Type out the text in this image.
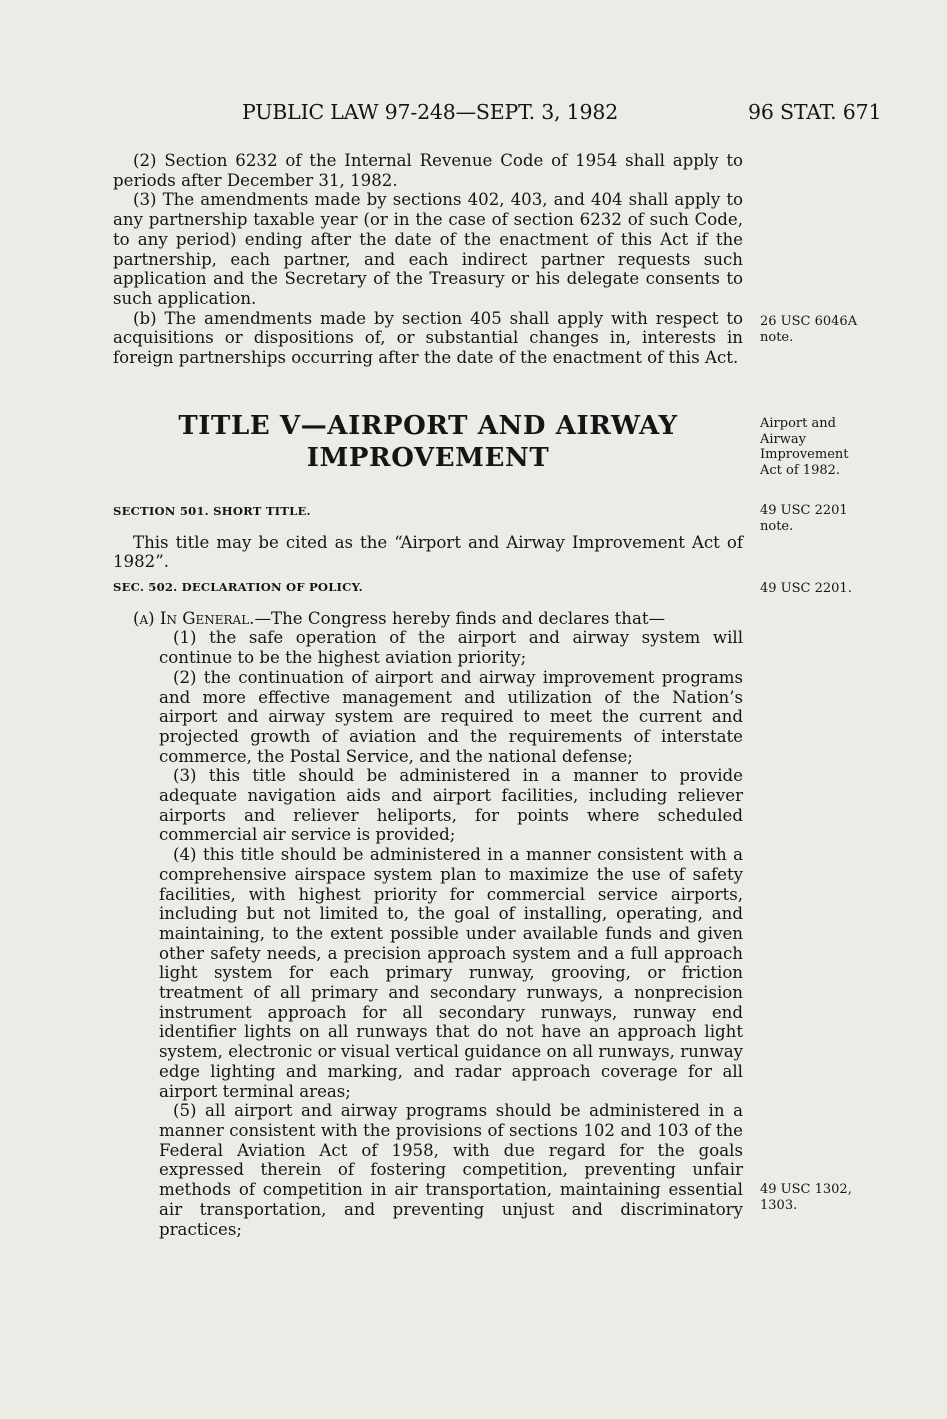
PUBLIC LAW 97-248—SEPT. 3, 1982	96 STAT. 671

(2) Section 6232 of the Internal Revenue Code of 1954 shall apply to periods after December 31, 1982.

(3) The amendments made by sections 402, 403, and 404 shall apply to any partnership taxable year (or in the case of section 6232 of such Code, to any period) ending after the date of the enactment of this Act if the partnership, each partner, and each indirect partner requests such application and the Secretary of the Treasury or his delegate consents to such application.

(b) The amendments made by section 405 shall apply with respect to acquisitions or dispositions of, or substantial changes in, interests in foreign partnerships occurring after the date of the enactment of this Act.

TITLE V—AIRPORT AND AIRWAY
IMPROVEMENT

SECTION 501. SHORT TITLE.

This title may be cited as the “Airport and Airway Improvement Act of 1982”.

SEC. 502. DECLARATION OF POLICY.

(a) In General.—The Congress hereby finds and declares that—

(1) the safe operation of the airport and airway system will continue to be the highest aviation priority;

(2) the continuation of airport and airway improvement programs and more effective management and utilization of the Nation’s airport and airway system are required to meet the current and projected growth of aviation and the requirements of interstate commerce, the Postal Service, and the national defense;

(3) this title should be administered in a manner to provide adequate navigation aids and airport facilities, including reliever airports and reliever heliports, for points where scheduled commercial air service is provided;

(4) this title should be administered in a manner consistent with a comprehensive airspace system plan to maximize the use of safety facilities, with highest priority for commercial service airports, including but not limited to, the goal of installing, operating, and maintaining, to the extent possible under available funds and given other safety needs, a precision approach system and a full approach light system for each primary runway, grooving, or friction treatment of all primary and secondary runways, a nonprecision instrument approach for all secondary runways, runway end identifier lights on all runways that do not have an approach light system, electronic or visual vertical guidance on all runways, runway edge lighting and marking, and radar approach coverage for all airport terminal areas;

(5) all airport and airway programs should be administered in a manner consistent with the provisions of sections 102 and 103 of the Federal Aviation Act of 1958, with due regard for the goals expressed therein of fostering competition, preventing unfair methods of competition in air transportation, maintaining essential air transportation, and preventing unjust and discriminatory practices;

26 USC 6046A
note.
Airport and
Airway
Improvement
Act of 1982.
49 USC 2201
note.
49 USC 2201.
49 USC 1302,
1303.
